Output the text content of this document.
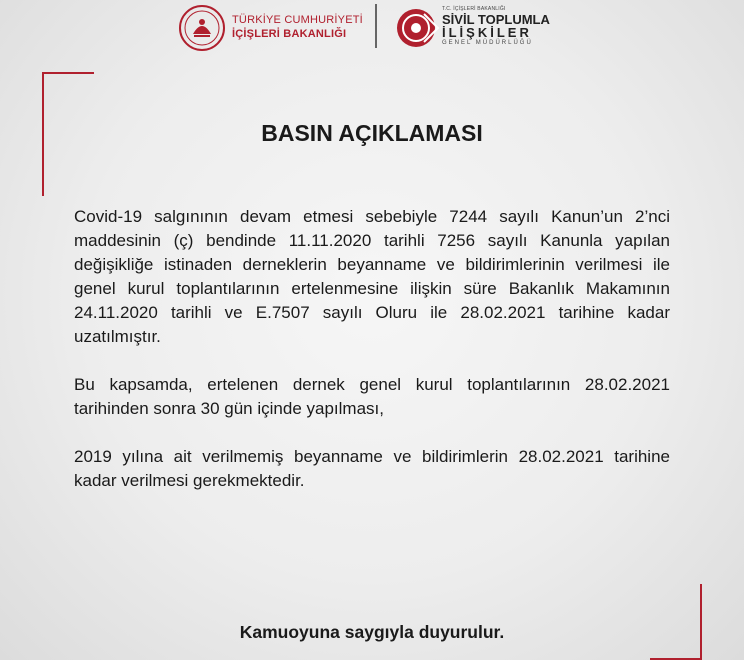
TÜRKİYE CUMHURİYETİ
İÇİŞLERİ BAKANLIĞI
T.C. İÇİŞLERİ BAKANLIĞI
SİVİL TOPLUMLA
İLİŞKİLER
GENEL MÜDÜRLÜĞÜ
BASIN AÇIKLAMASI

Covid-19 salgınının devam etmesi sebebiyle 7244 sayılı Kanun’un 2’nci maddesinin (ç) bendinde 11.11.2020 tarihli 7256 sayılı Kanunla yapılan değişikliğe istinaden derneklerin beyanname ve bildirimlerinin verilmesi ile genel kurul toplantılarının ertelenmesine ilişkin süre Bakanlık Makamının 24.11.2020 tarihli ve E.7507 sayılı Oluru ile 28.02.2021 tarihine kadar uzatılmıştır.

Bu kapsamda, ertelenen dernek genel kurul toplantılarının 28.02.2021 tarihinden sonra 30 gün içinde yapılması,

2019 yılına ait verilmemiş beyanname ve bildirimlerin 28.02.2021 tarihine kadar verilmesi gerekmektedir.

Kamuoyuna saygıyla duyurulur.
